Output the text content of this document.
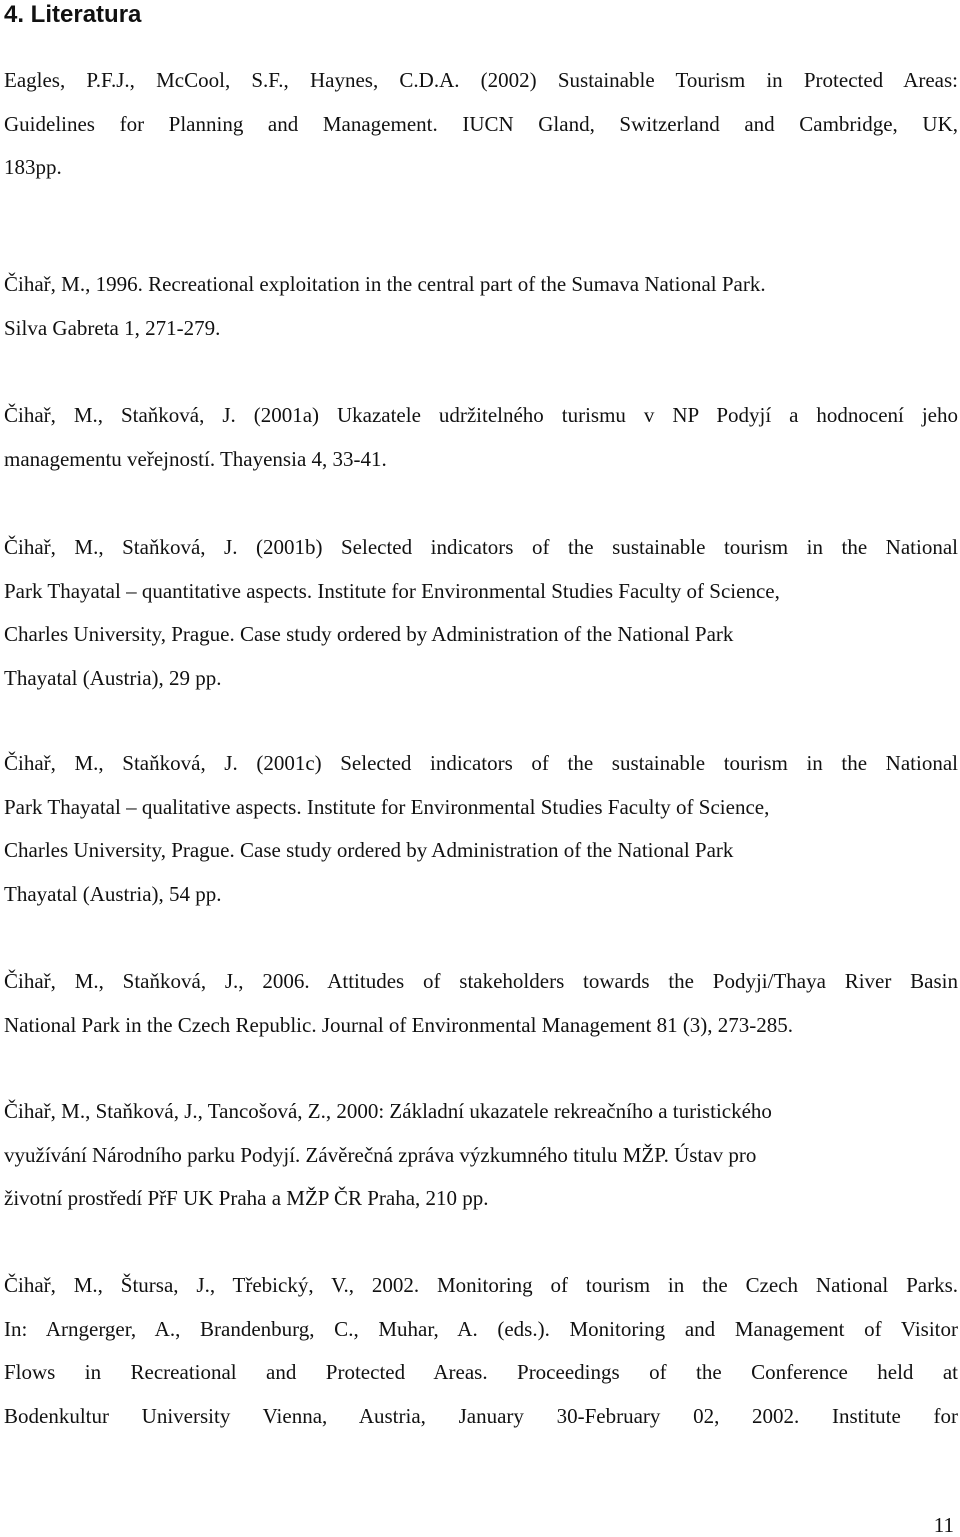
4. Literatura

Eagles, P.F.J., McCool, S.F., Haynes, C.D.A. (2002) Sustainable Tourism in Protected Areas:
Guidelines for Planning and Management. IUCN Gland, Switzerland and Cambridge, UK,
183pp.

Čihař, M., 1996. Recreational exploitation in the central part of the Sumava National Park.
Silva Gabreta 1, 271-279.

Čihař, M., Staňková, J. (2001a) Ukazatele udržitelného turismu v NP Podyjí a hodnocení jeho
managementu veřejností. Thayensia 4, 33-41.

Čihař, M., Staňková, J. (2001b) Selected indicators of the sustainable tourism in the National
Park Thayatal – quantitative aspects. Institute for Environmental Studies Faculty of Science,
Charles University, Prague. Case study ordered by Administration of the National Park
Thayatal (Austria), 29 pp.

Čihař, M., Staňková, J. (2001c) Selected indicators of the sustainable tourism in the National
Park Thayatal – qualitative aspects. Institute for Environmental Studies Faculty of Science,
Charles University, Prague. Case study ordered by Administration of the National Park
Thayatal (Austria), 54 pp.

Čihař, M., Staňková, J., 2006. Attitudes of stakeholders towards the Podyji/Thaya River Basin
National Park in the Czech Republic. Journal of Environmental Management 81 (3), 273-285.

Čihař, M., Staňková, J., Tancošová, Z., 2000: Základní ukazatele rekreačního a turistického
využívání Národního parku Podyjí. Závěrečná zpráva výzkumného titulu MŽP. Ústav pro
životní prostředí PřF UK Praha a MŽP ČR Praha, 210 pp.

Čihař, M., Štursa, J., Třebický, V., 2002. Monitoring of tourism in the Czech National Parks.
In: Arngerger, A., Brandenburg, C., Muhar, A. (eds.). Monitoring and Management of Visitor
Flows in Recreational and Protected Areas. Proceedings of the Conference held at
Bodenkultur University Vienna, Austria, January 30-February 02, 2002. Institute for

11
